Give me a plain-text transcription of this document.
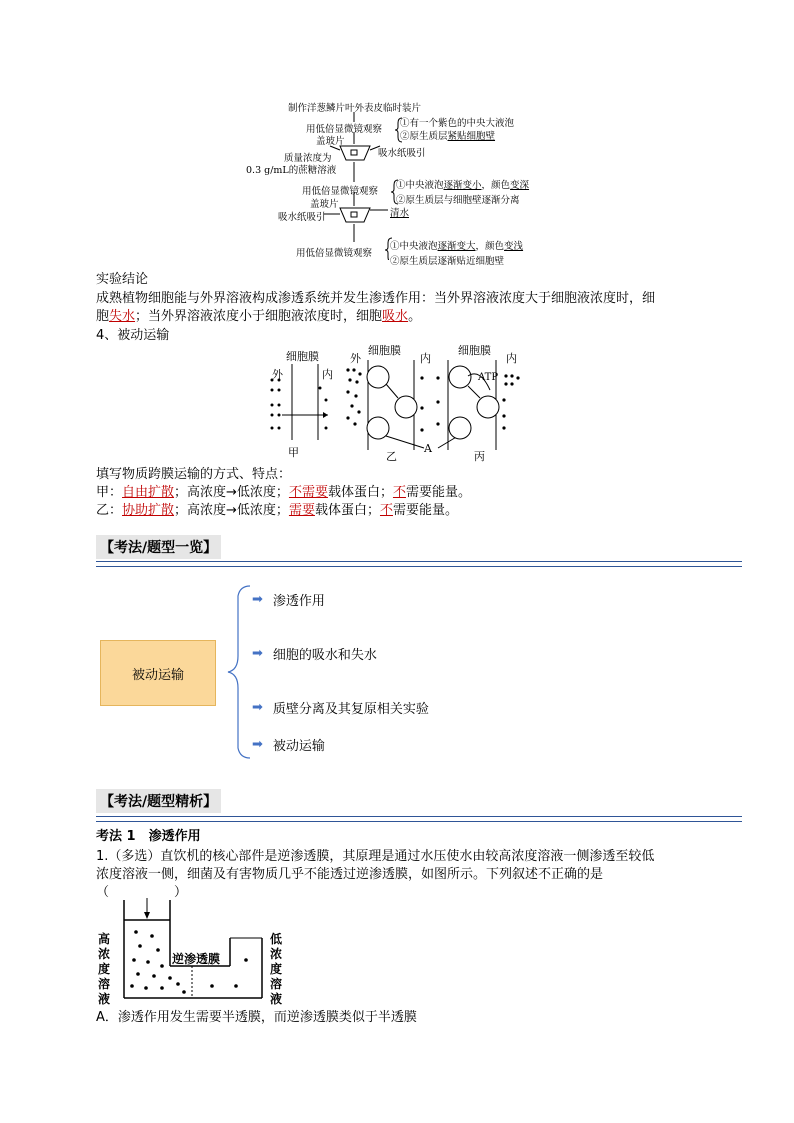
制作洋葱鳞片叶外表皮临时装片
用低倍显微镜观察
①有一个紫色的中央大液泡
②原生质层紧贴细胞壁
盖玻片
质量浓度为
0.3 g/mL的蔗糖溶液
吸水纸吸引
用低倍显微镜观察
①中央液泡逐渐变小，颜色变深
②原生质层与细胞壁逐渐分离
盖玻片
吸水纸吸引	清水
用低倍显微镜观察
①中央液泡逐渐变大，颜色变浅
②原生质层逐渐贴近细胞壁
实验结论
成熟植物细胞能与外界溶液构成渗透系统并发生渗透作用：当外界溶液浓度大于细胞液浓度时，细
胞失水；当外界溶液浓度小于细胞液浓度时，细胞吸水。
4、被动运输
细胞膜
外	内
细胞膜
外	内
细胞膜
内
ATP
A
甲	乙	丙
填写物质跨膜运输的方式、特点：
甲：自由扩散；高浓度→低浓度；不需要载体蛋白；不需要能量。
乙：协助扩散；高浓度→低浓度；需要载体蛋白；不需要能量。
【考法/题型一览】
被动运输
➡ 渗透作用
➡ 细胞的吸水和失水
➡ 质壁分离及其复原相关实验
➡ 被动运输
【考法/题型精析】
考法 1　渗透作用
1.（多选）直饮机的核心部件是逆渗透膜，其原理是通过水压使水由较高浓度溶液一侧渗透至较低
浓度溶液一侧，细菌及有害物质几乎不能透过逆渗透膜，如图所示。下列叙述不正确的是
（　　　　　）
高浓度溶液
低浓度溶液
逆渗透膜
A．渗透作用发生需要半透膜，而逆渗透膜类似于半透膜
